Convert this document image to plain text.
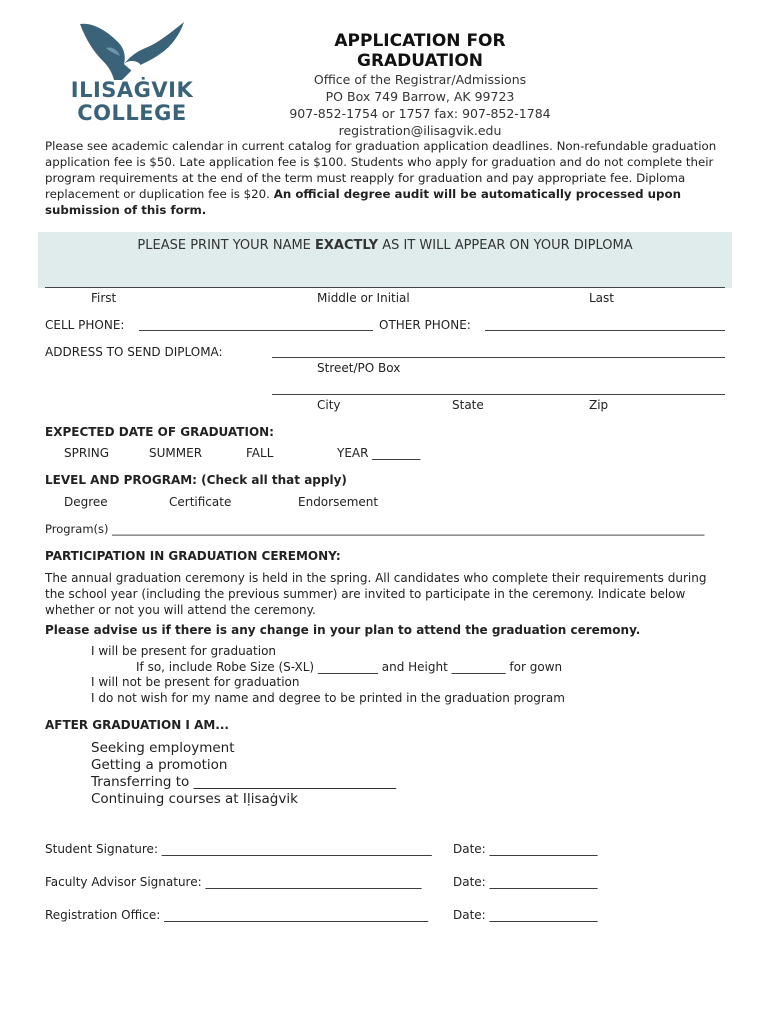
ILISAĠVIK
COLLEGE
APPLICATION FOR GRADUATION
Office of the Registrar/Admissions
PO Box 749 Barrow, AK 99723
907-852-1754 or 1757 fax: 907-852-1784
registration@ilisagvik.edu
Please see academic calendar in current catalog for graduation application deadlines. Non-refundable graduation application fee is $50. Late application fee is $100. Students who apply for graduation and do not complete their program requirements at the end of the term must reapply for graduation and pay appropriate fee. Diploma replacement or duplication fee is $20. An official degree audit will be automatically processed upon submission of this form.
PLEASE PRINT YOUR NAME EXACTLY AS IT WILL APPEAR ON YOUR DIPLOMA
First	Middle or Initial	Last
CELL PHONE:	OTHER PHONE:
ADDRESS TO SEND DIPLOMA:
Street/PO Box
City	State	Zip
EXPECTED DATE OF GRADUATION:
SPRING	SUMMER	FALL	YEAR ________
LEVEL AND PROGRAM: (Check all that apply)
Degree	Certificate	Endorsement
Program(s) _______________________________________________________________________________________________________
PARTICIPATION IN GRADUATION CEREMONY:
The annual graduation ceremony is held in the spring. All candidates who complete their requirements during the school year (including the previous summer) are invited to participate in the ceremony. Indicate below whether or not you will attend the ceremony.
Please advise us if there is any change in your plan to attend the graduation ceremony.
I will be present for graduation
If so, include Robe Size (S-XL) __________ and Height _________ for gown
I will not be present for graduation
I do not wish for my name and degree to be printed in the graduation program
AFTER GRADUATION I AM...
Seeking employment
Getting a promotion
Transferring to ______________________________
Continuing courses at Iḷisaġvik
Student Signature: _____________________________________________ Date: __________________
Faculty Advisor Signature: ____________________________________	Date: __________________
Registration Office: ____________________________________________ Date: __________________
